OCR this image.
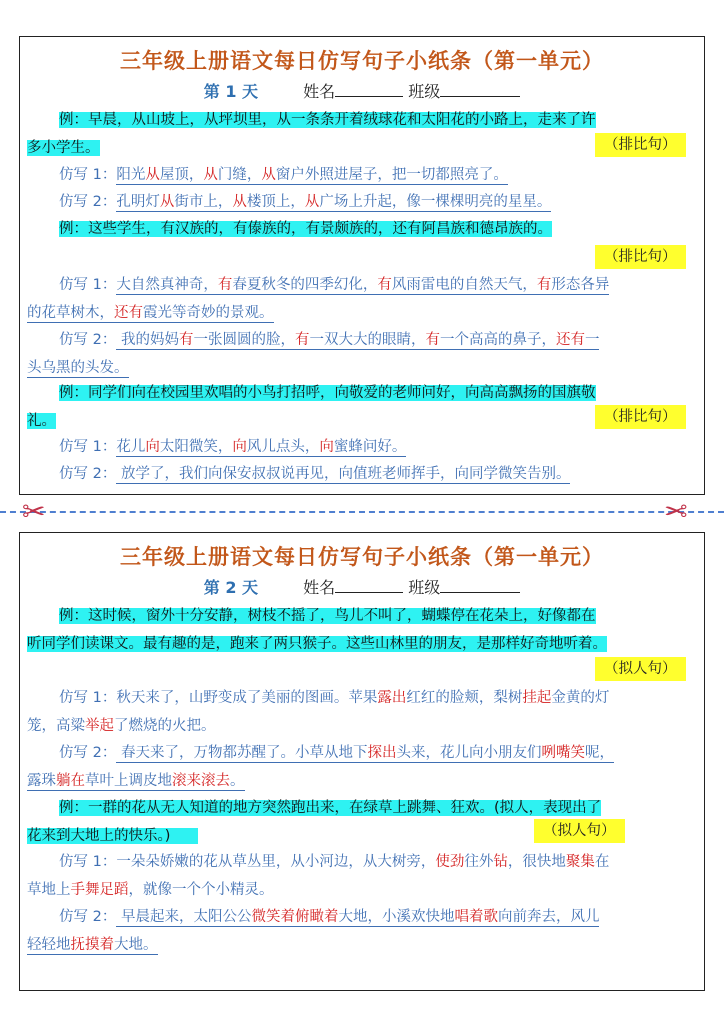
三年级上册语文每日仿写句子小纸条（第一单元）
第 1 天	姓名	班级
例：早晨，从山坡上，从坪坝里，从一条条开着绒球花和太阳花的小路上，走来了许
多小学生。	（排比句）
仿写 1：阳光从屋顶，从门缝，从窗户外照进屋子，把一切都照亮了。
仿写 2：孔明灯从街市上，从楼顶上，从广场上升起，像一棵棵明亮的星星。
例：这些学生，有汉族的，有傣族的，有景颇族的，还有阿昌族和德昂族的。
（排比句）
仿写 1：大自然真神奇，有春夏秋冬的四季幻化，有风雨雷电的自然天气，有形态各异
的花草树木，还有霞光等奇妙的景观。
仿写 2： 我的妈妈有一张圆圆的脸，有一双大大的眼睛，有一个高高的鼻子，还有一
头乌黑的头发。
例：同学们向在校园里欢唱的小鸟打招呼，向敬爱的老师问好，向高高飘扬的国旗敬
礼。	（排比句）
仿写 1：花儿向太阳微笑，向风儿点头，向蜜蜂问好。
仿写 2： 放学了，我们向保安叔叔说再见，向值班老师挥手，向同学微笑告别。
✂	✂
三年级上册语文每日仿写句子小纸条（第一单元）
第 2 天	姓名	班级
例：这时候，窗外十分安静，树枝不摇了，鸟儿不叫了，蝴蝶停在花朵上，好像都在
听同学们读课文。最有趣的是，跑来了两只猴子。这些山林里的朋友，是那样好奇地听着。
（拟人句）
仿写 1：秋天来了，山野变成了美丽的图画。苹果露出红红的脸颊，梨树挂起金黄的灯
笼，高粱举起了燃烧的火把。
仿写 2： 春天来了，万物都苏醒了。小草从地下探出头来，花儿向小朋友们咧嘴笑呢，
露珠躺在草叶上调皮地滚来滚去。
例：一群的花从无人知道的地方突然跑出来，在绿草上跳舞、狂欢。(拟人，表现出了
花来到大地上的快乐。)	（拟人句）
仿写 1：一朵朵娇嫩的花从草丛里，从小河边，从大树旁，使劲往外钻，很快地聚集在
草地上手舞足蹈，就像一个个小精灵。
仿写 2： 早晨起来，太阳公公微笑着俯瞰着大地，小溪欢快地唱着歌向前奔去，风儿
轻轻地抚摸着大地。
